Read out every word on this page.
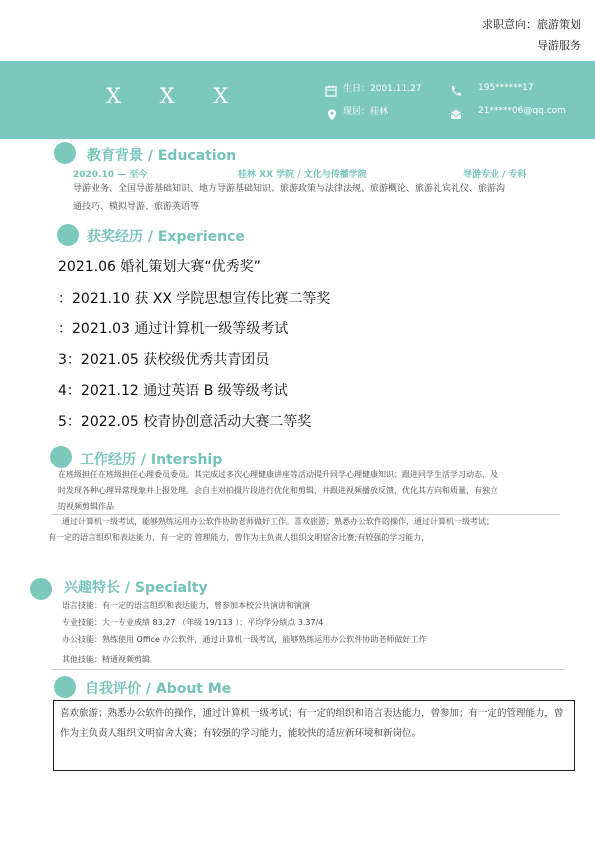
求职意向：旅游策划
导游服务
X X X	生日：2001.11.27	195******17
现居：桂林	21*****06@qq.com
教育背景 / Education
2020.10 — 至今	桂林 XX 学院 / 文化与传播学院	导游专业 / 专科
导游业务、全国导游基础知识、地方导游基础知识、旅游政策与法律法规、旅游概论、旅游礼宾礼仪、旅游沟
通技巧、模拟导游、旅游英语等
获奖经历 / Experience
2021.06 婚礼策划大赛“优秀奖”
：2021.10 获 XX 学院思想宣传比赛二等奖
：2021.03 通过计算机一级等级考试
3：2021.05 获校级优秀共青团员
4：2021.12 通过英语 B 级等级考试
5：2022.05 校青协创意活动大赛二等奖
工作经历 / Intership
在班级担任在班级担任心理委员委员。其完成过多次心理健康讲座等活动提升同学心理健康知识；跟进同学生活学习动态，及
时发现各种心理异常现象并上报处理。会自主对拍摄片段进行优化和剪辑，并跟进视频播放反馈，优化其方向和质量，有独立
的视频剪辑作品
通过计算机一级考试，能够熟练运用办公软件协助老师做好工作。喜欢旅游；熟悉办公软件的操作，通过计算机一级考试；
有一定的语言组织和表达能力，有一定的 管理能力，曾作为主负责人组织文明宿舍比赛;有较强的学习能力，
兴趣特长 / Specialty
语言技能：有一定的语言组织和表达能力，曾参加本校公共演讲和演演
专业技能：大一专业成绩 83.27 （年级 19/113 ）；平均学分绩点 3.37/4
办公技能：熟练使用 Office 办公软件，通过计算机一级考试，能够熟练运用办公软件协助老师做好工作
其他技能：精通视频剪辑
自我评价 / About Me

喜欢旅游；熟悉办公软件的操作，通过计算机一级考试；有一定的组织和语言表达能力，曾参加；有一定的管理能力，曾作为主负责人组织文明宿舍大赛；有较强的学习能力，能较快的适应新环境和新岗位。
